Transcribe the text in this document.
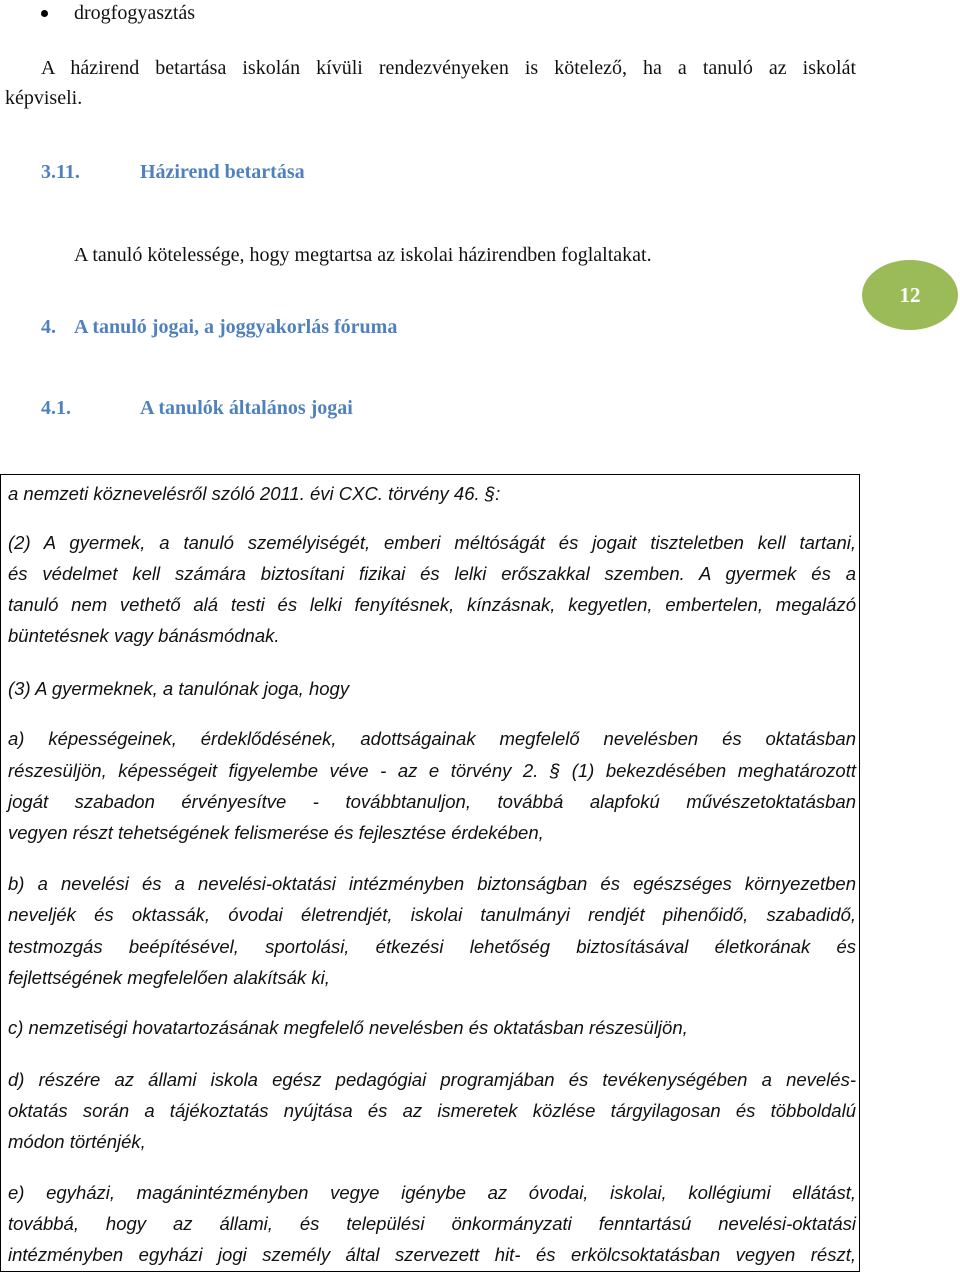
drogfogyasztás
A házirend betartása iskolán kívüli rendezvényeken is kötelező, ha a tanuló az iskolát
képviseli.
3.11.	Házirend betartása
A tanuló kötelessége, hogy megtartsa az iskolai házirendben foglaltakat.
4. A tanuló jogai, a joggyakorlás fóruma
12
4.1.	A tanulók általános jogai
a nemzeti köznevelésről szóló 2011. évi CXC. törvény 46. §:
(2) A gyermek, a tanuló személyiségét, emberi méltóságát és jogait tiszteletben kell tartani,
és védelmet kell számára biztosítani fizikai és lelki erőszakkal szemben. A gyermek és a
tanuló nem vethető alá testi és lelki fenyítésnek, kínzásnak, kegyetlen, embertelen, megalázó
büntetésnek vagy bánásmódnak.
(3) A gyermeknek, a tanulónak joga, hogy
a) képességeinek, érdeklődésének, adottságainak megfelelő nevelésben és oktatásban
részesüljön, képességeit figyelembe véve - az e törvény 2. § (1) bekezdésében meghatározott
jogát szabadon érvényesítve - továbbtanuljon, továbbá alapfokú művészetoktatásban
vegyen részt tehetségének felismerése és fejlesztése érdekében,
b) a nevelési és a nevelési-oktatási intézményben biztonságban és egészséges környezetben
neveljék és oktassák, óvodai életrendjét, iskolai tanulmányi rendjét pihenőidő, szabadidő,
testmozgás beépítésével, sportolási, étkezési lehetőség biztosításával életkorának és
fejlettségének megfelelően alakítsák ki,
c) nemzetiségi hovatartozásának megfelelő nevelésben és oktatásban részesüljön,
d) részére az állami iskola egész pedagógiai programjában és tevékenységében a nevelés-
oktatás során a tájékoztatás nyújtása és az ismeretek közlése tárgyilagosan és többoldalú
módon történjék,
e) egyházi, magánintézményben vegye igénybe az óvodai, iskolai, kollégiumi ellátást,
továbbá, hogy az állami, és települési önkormányzati fenntartású nevelési-oktatási
intézményben egyházi jogi személy által szervezett hit- és erkölcsoktatásban vegyen részt,
